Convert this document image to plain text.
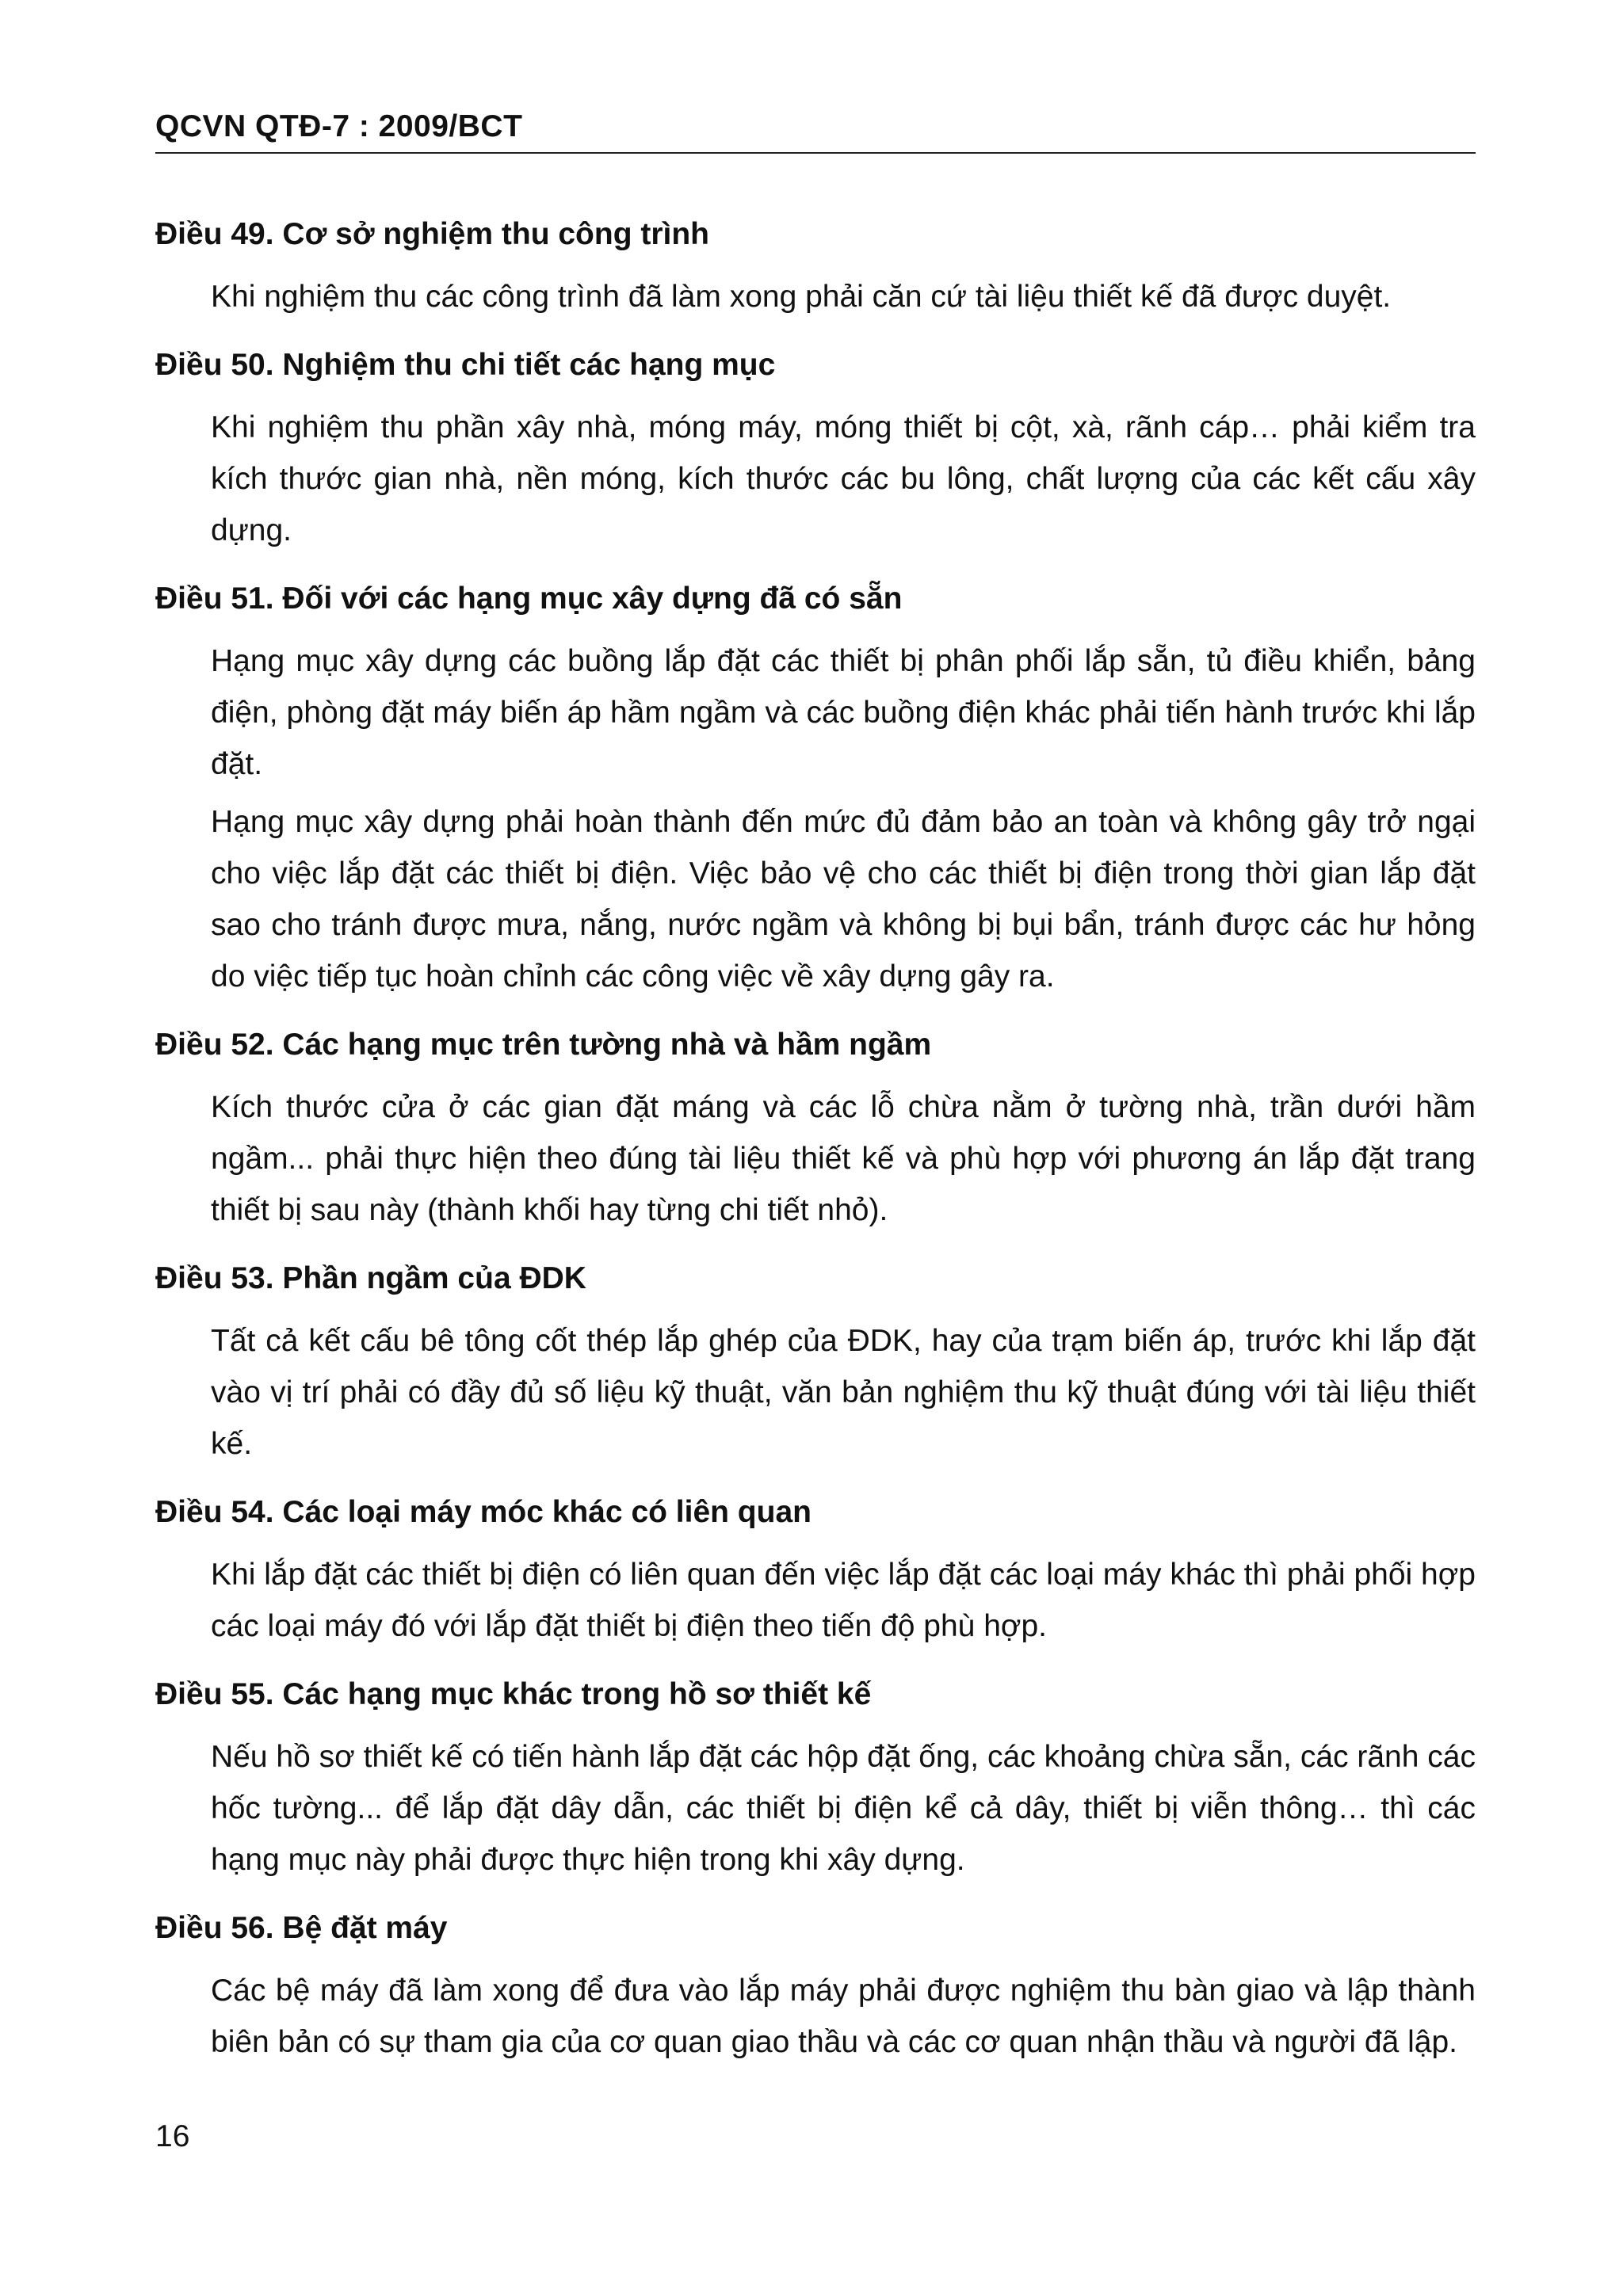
QCVN QTĐ-7 : 2009/BCT

Điều 49. Cơ sở nghiệm thu công trình

Khi nghiệm thu các công trình đã làm xong phải căn cứ tài liệu thiết kế đã được duyệt.

Điều 50. Nghiệm thu chi tiết các hạng mục

Khi nghiệm thu phần xây nhà, móng máy, móng thiết bị cột, xà, rãnh cáp… phải kiểm tra kích thước gian nhà, nền móng, kích thước các bu lông, chất lượng của các kết cấu xây dựng.

Điều 51. Đối với các hạng mục xây dựng đã có sẵn

Hạng mục xây dựng các buồng lắp đặt các thiết bị phân phối lắp sẵn, tủ điều khiển, bảng điện, phòng đặt máy biến áp hầm ngầm và các buồng điện khác phải tiến hành trước khi lắp đặt.

Hạng mục xây dựng phải hoàn thành đến mức đủ đảm bảo an toàn và không gây trở ngại cho việc lắp đặt các thiết bị điện. Việc bảo vệ cho các thiết bị điện trong thời gian lắp đặt sao cho tránh được mưa, nắng, nước ngầm và không bị bụi bẩn, tránh được các hư hỏng do việc tiếp tục hoàn chỉnh các công việc về xây dựng gây ra.

Điều 52. Các hạng mục trên tường nhà và hầm ngầm

Kích thước cửa ở các gian đặt máng và các lỗ chừa nằm ở tường nhà, trần dưới hầm ngầm... phải thực hiện theo đúng tài liệu thiết kế và phù hợp với phương án lắp đặt trang thiết bị sau này (thành khối hay từng chi tiết nhỏ).

Điều 53. Phần ngầm của ĐDK

Tất cả kết cấu bê tông cốt thép lắp ghép của ĐDK, hay của trạm biến áp, trước khi lắp đặt vào vị trí phải có đầy đủ số liệu kỹ thuật, văn bản nghiệm thu kỹ thuật đúng với tài liệu thiết kế.

Điều 54. Các loại máy móc khác có liên quan

Khi lắp đặt các thiết bị điện có liên quan đến việc lắp đặt các loại máy khác thì phải phối hợp các loại máy đó với lắp đặt thiết bị điện theo tiến độ phù hợp.

Điều 55. Các hạng mục khác trong hồ sơ thiết kế

Nếu hồ sơ thiết kế có tiến hành lắp đặt các hộp đặt ống, các khoảng chừa sẵn, các rãnh các hốc tường... để lắp đặt dây dẫn, các thiết bị điện kể cả dây, thiết bị viễn thông… thì các hạng mục này phải được thực hiện trong khi xây dựng.

Điều 56. Bệ đặt máy

Các bệ máy đã làm xong để đưa vào lắp máy phải được nghiệm thu bàn giao và lập thành biên bản có sự tham gia của cơ quan giao thầu và các cơ quan nhận thầu và người đã lập.

16
